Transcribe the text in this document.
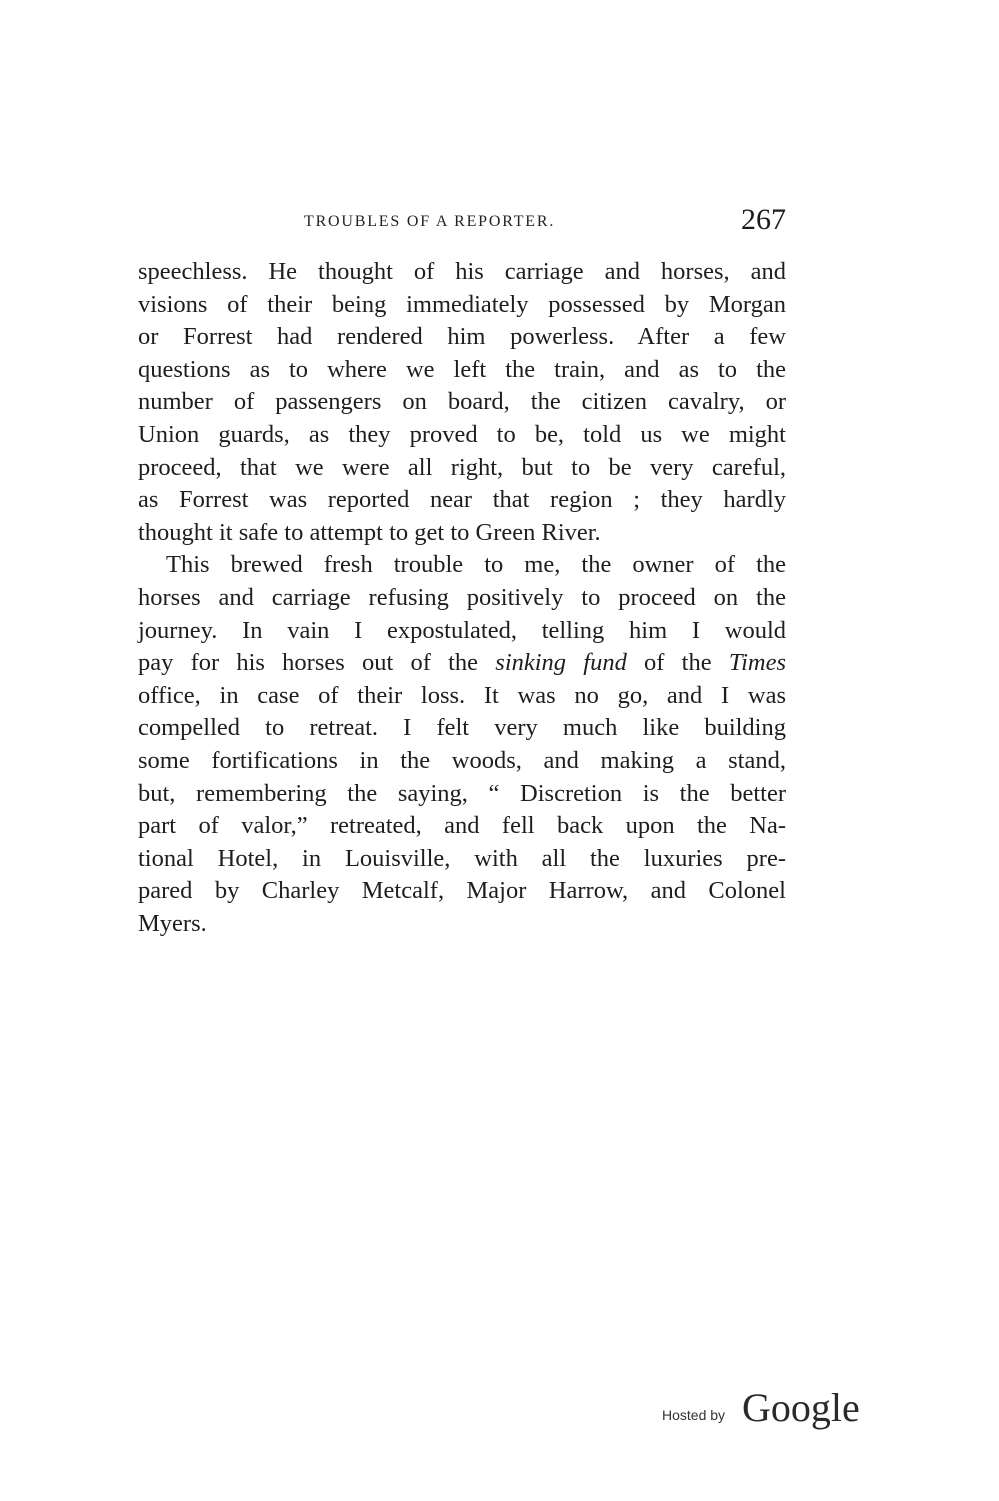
TROUBLES OF A REPORTER.	267
speechless. He thought of his carriage and horses, and
visions of their being immediately possessed by Morgan
or Forrest had rendered him powerless. After a few
questions as to where we left the train, and as to the
number of passengers on board, the citizen cavalry, or
Union guards, as they proved to be, told us we might
proceed, that we were all right, but to be very careful,
as Forrest was reported near that region ; they hardly
thought it safe to attempt to get to Green River.
This brewed fresh trouble to me, the owner of the
horses and carriage refusing positively to proceed on the
journey. In vain I expostulated, telling him I would
pay for his horses out of the sinking fund of the Times
office, in case of their loss. It was no go, and I was
compelled to retreat. I felt very much like building
some fortifications in the woods, and making a stand,
but, remembering the saying, “ Discretion is the better
part of valor,” retreated, and fell back upon the Na-
tional Hotel, in Louisville, with all the luxuries pre-
pared by Charley Metcalf, Major Harrow, and Colonel
Myers.
Hosted by Google
